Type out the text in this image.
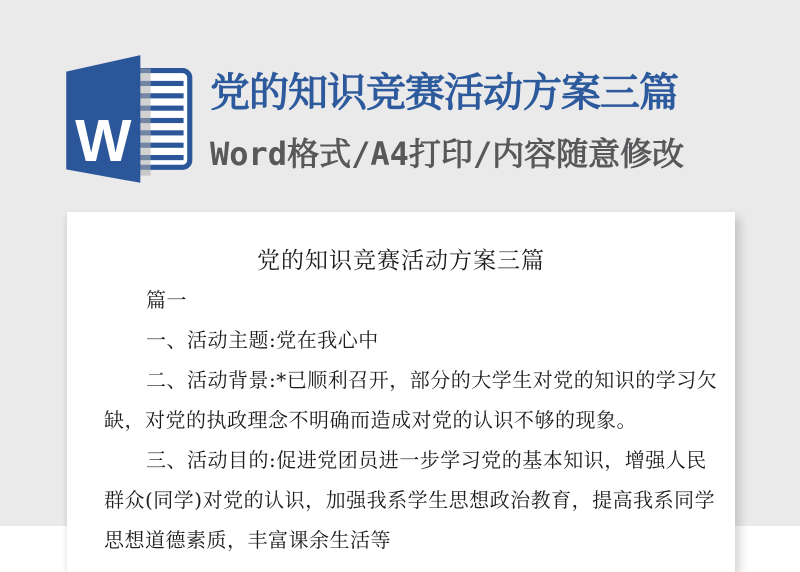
W
党的知识竞赛活动方案三篇
Word格式/A4打印/内容随意修改
党的知识竞赛活动方案三篇
篇一
一、活动主题:党在我心中
二、活动背景:*已顺利召开，部分的大学生对党的知识的学习欠
缺，对党的执政理念不明确而造成对党的认识不够的现象。
三、活动目的:促进党团员进一步学习党的基本知识，增强人民
群众(同学)对党的认识，加强我系学生思想政治教育，提高我系同学
思想道德素质，丰富课余生活等
